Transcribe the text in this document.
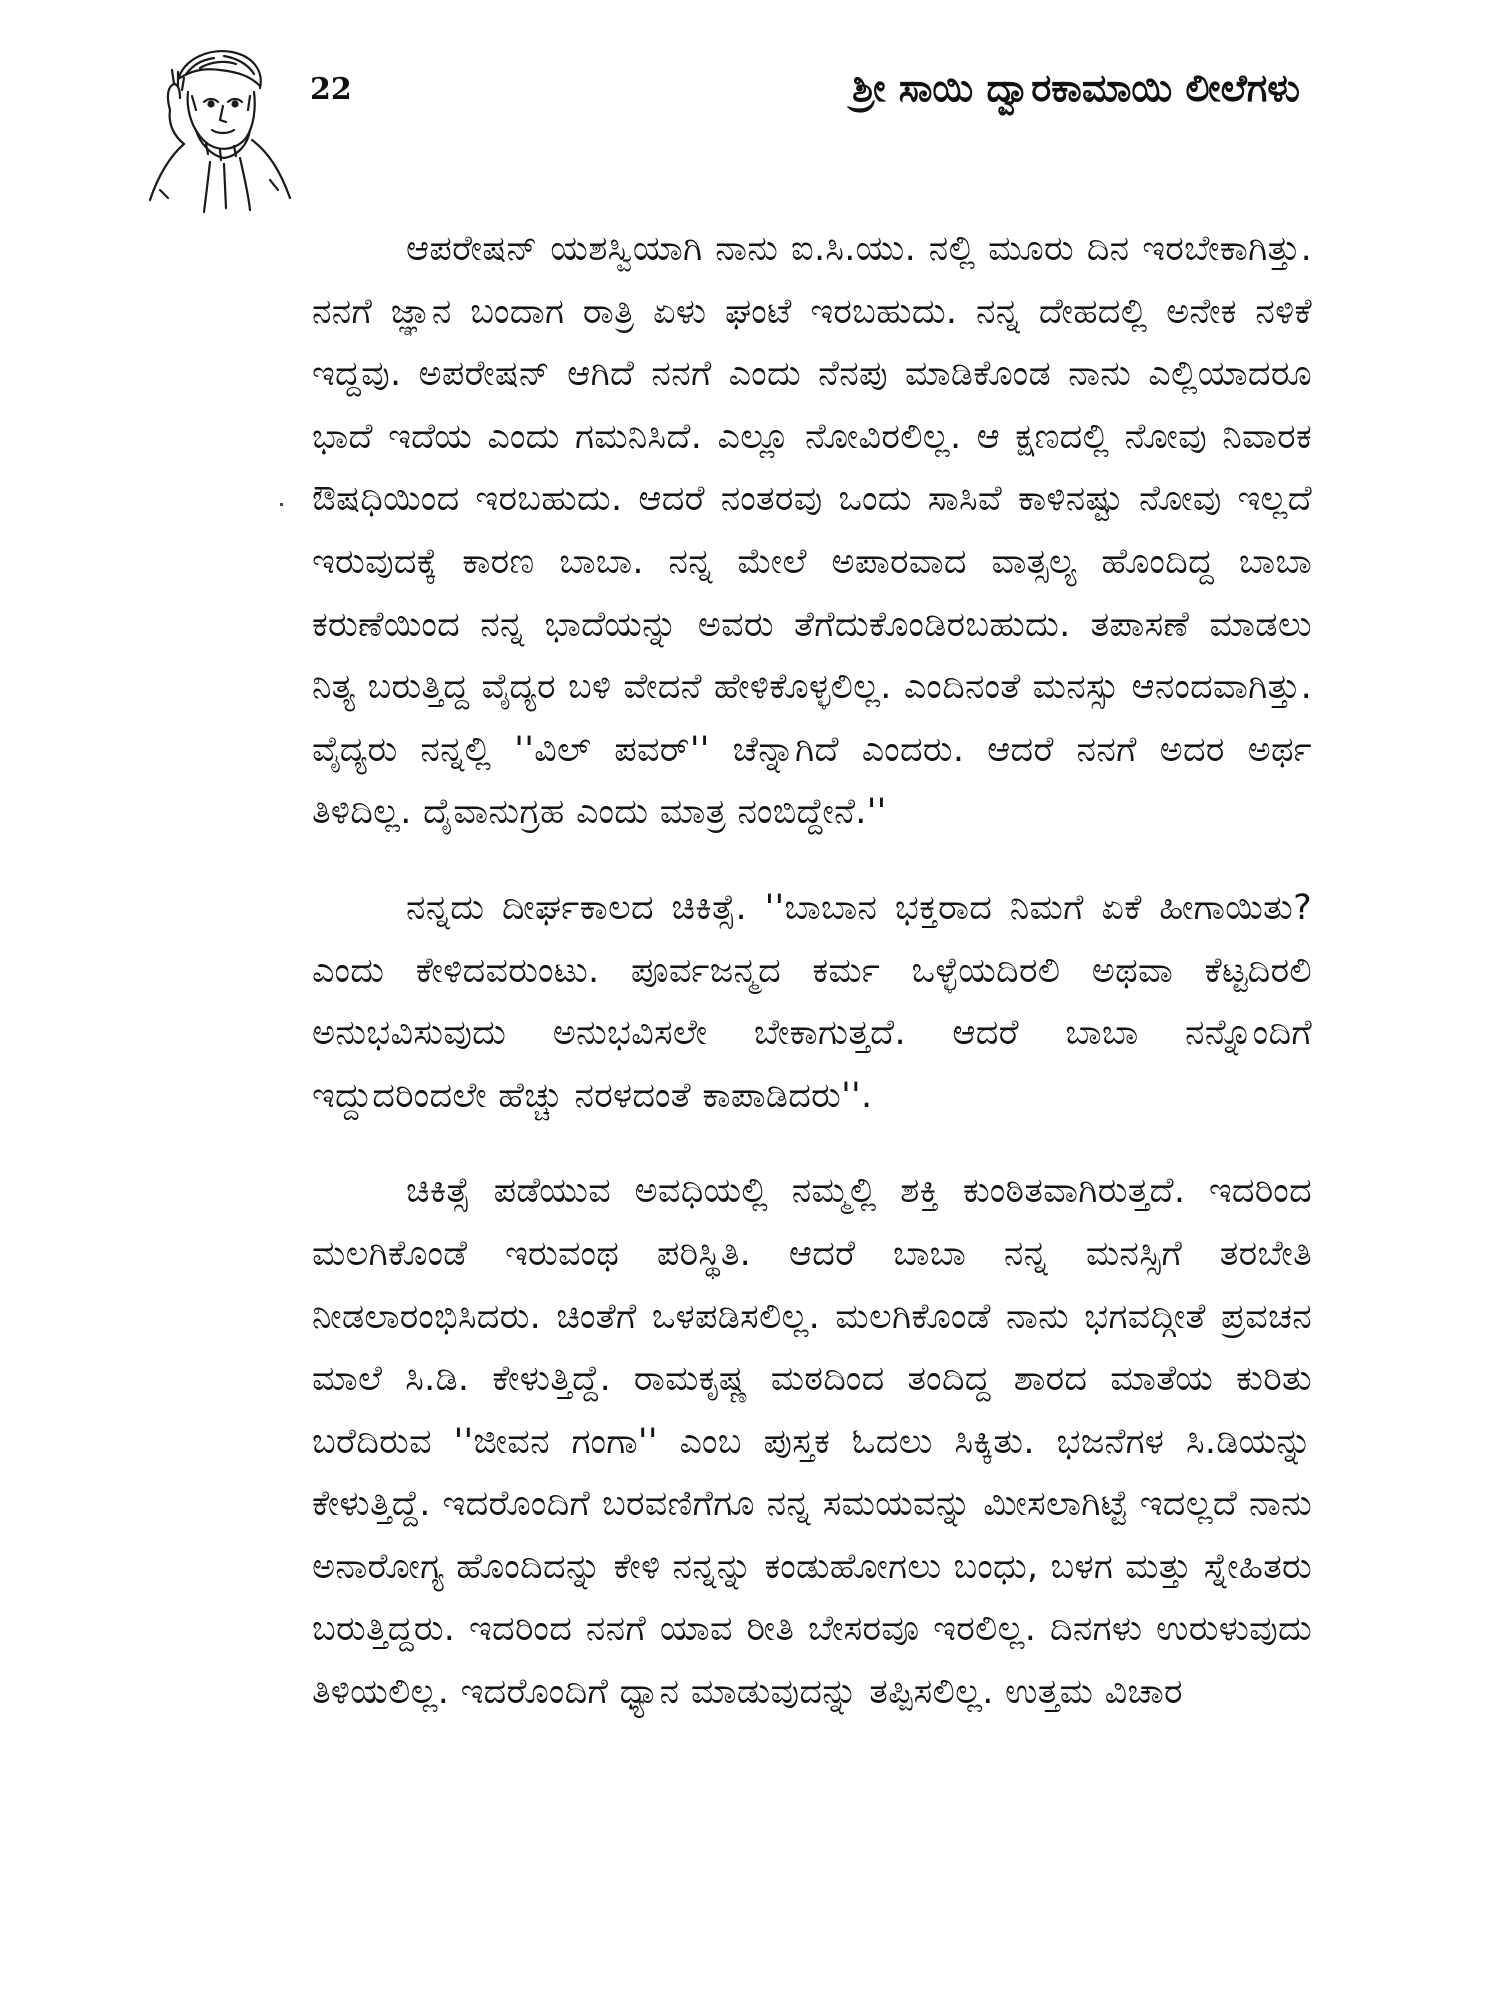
22	ಶ್ರೀ ಸಾಯಿ ದ್ವಾರಕಾಮಾಯಿ ಲೀಲೆಗಳು

ಆಪರೇಷನ್ ಯಶಸ್ವಿಯಾಗಿ ನಾನು ಐ.ಸಿ.ಯು. ನಲ್ಲಿ ಮೂರು ದಿನ ಇರಬೇಕಾಗಿತ್ತು. ನನಗೆ ಜ್ಞಾನ ಬಂದಾಗ ರಾತ್ರಿ ಏಳು ಘಂಟೆ ಇರಬಹುದು. ನನ್ನ ದೇಹದಲ್ಲಿ ಅನೇಕ ನಳಿಕೆ ಇದ್ದವು. ಅಪರೇಷನ್ ಆಗಿದೆ ನನಗೆ ಎಂದು ನೆನಪು ಮಾಡಿಕೊಂಡ ನಾನು ಎಲ್ಲಿಯಾದರೂ ಭಾದೆ ಇದೆಯ ಎಂದು ಗಮನಿಸಿದೆ. ಎಲ್ಲೂ ನೋವಿರಲಿಲ್ಲ. ಆ ಕ್ಷಣದಲ್ಲಿ ನೋವು ನಿವಾರಕ ಔಷಧಿಯಿಂದ ಇರಬಹುದು. ಆದರೆ ನಂತರವು ಒಂದು ಸಾಸಿವೆ ಕಾಳಿನಷ್ಟು ನೋವು ಇಲ್ಲದೆ ಇರುವುದಕ್ಕೆ ಕಾರಣ ಬಾಬಾ. ನನ್ನ ಮೇಲೆ ಅಪಾರವಾದ ವಾತ್ಸಲ್ಯ ಹೊಂದಿದ್ದ ಬಾಬಾ ಕರುಣೆಯಿಂದ ನನ್ನ ಭಾದೆಯನ್ನು ಅವರು ತೆಗೆದುಕೊಂಡಿರಬಹುದು. ತಪಾಸಣೆ ಮಾಡಲು ನಿತ್ಯ ಬರುತ್ತಿದ್ದ ವೈದ್ಯರ ಬಳಿ ವೇದನೆ ಹೇಳಿಕೊಳ್ಳಲಿಲ್ಲ. ಎಂದಿನಂತೆ ಮನಸ್ಸು ಆನಂದವಾಗಿತ್ತು. ವೈದ್ಯರು ನನ್ನಲ್ಲಿ ''ವಿಲ್ ಪವರ್'' ಚೆನ್ನಾಗಿದೆ ಎಂದರು. ಆದರೆ ನನಗೆ ಅದರ ಅರ್ಥ ತಿಳಿದಿಲ್ಲ. ದೈವಾನುಗ್ರಹ ಎಂದು ಮಾತ್ರ ನಂಬಿದ್ದೇನೆ.''

ನನ್ನದು ದೀರ್ಘಕಾಲದ ಚಿಕಿತ್ಸೆ. ''ಬಾಬಾನ ಭಕ್ತರಾದ ನಿಮಗೆ ಏಕೆ ಹೀಗಾಯಿತು? ಎಂದು ಕೇಳಿದವರುಂಟು. ಪೂರ್ವಜನ್ಮದ ಕರ್ಮ ಒಳ್ಳೆಯದಿರಲಿ ಅಥವಾ ಕೆಟ್ಟದಿರಲಿ ಅನುಭವಿಸುವುದು ಅನುಭವಿಸಲೇ ಬೇಕಾಗುತ್ತದೆ. ಆದರೆ ಬಾಬಾ ನನ್ನೊಂದಿಗೆ ಇದ್ದುದರಿಂದಲೇ ಹೆಚ್ಚು ನರಳದಂತೆ ಕಾಪಾಡಿದರು''.

ಚಿಕಿತ್ಸೆ ಪಡೆಯುವ ಅವಧಿಯಲ್ಲಿ ನಮ್ಮಲ್ಲಿ ಶಕ್ತಿ ಕುಂಠಿತವಾಗಿರುತ್ತದೆ. ಇದರಿಂದ ಮಲಗಿಕೊಂಡೆ ಇರುವಂಥ ಪರಿಸ್ಥಿತಿ. ಆದರೆ ಬಾಬಾ ನನ್ನ ಮನಸ್ಸಿಗೆ ತರಬೇತಿ ನೀಡಲಾರಂಭಿಸಿದರು. ಚಿಂತೆಗೆ ಒಳಪಡಿಸಲಿಲ್ಲ. ಮಲಗಿಕೊಂಡೆ ನಾನು ಭಗವದ್ಗೀತೆ ಪ್ರವಚನ ಮಾಲೆ ಸಿ.ಡಿ. ಕೇಳುತ್ತಿದ್ದೆ. ರಾಮಕೃಷ್ಣ ಮಠದಿಂದ ತಂದಿದ್ದ ಶಾರದ ಮಾತೆಯ ಕುರಿತು ಬರೆದಿರುವ ''ಜೀವನ ಗಂಗಾ'' ಎಂಬ ಪುಸ್ತಕ ಓದಲು ಸಿಕ್ಕಿತು. ಭಜನೆಗಳ ಸಿ.ಡಿಯನ್ನು ಕೇಳುತ್ತಿದ್ದೆ. ಇದರೊಂದಿಗೆ ಬರವಣಿಗೆಗೂ ನನ್ನ ಸಮಯವನ್ನು ಮೀಸಲಾಗಿಟ್ಟೆ ಇದಲ್ಲದೆ ನಾನು ಅನಾರೋಗ್ಯ ಹೊಂದಿದನ್ನು ಕೇಳಿ ನನ್ನನ್ನು ಕಂಡುಹೋಗಲು ಬಂಧು, ಬಳಗ ಮತ್ತು ಸ್ನೇಹಿತರು ಬರುತ್ತಿದ್ದರು. ಇದರಿಂದ ನನಗೆ ಯಾವ ರೀತಿ ಬೇಸರವೂ ಇರಲಿಲ್ಲ. ದಿನಗಳು ಉರುಳುವುದು ತಿಳಿಯಲಿಲ್ಲ. ಇದರೊಂದಿಗೆ ಧ್ಯಾನ ಮಾಡುವುದನ್ನು ತಪ್ಪಿಸಲಿಲ್ಲ. ಉತ್ತಮ ವಿಚಾರ
